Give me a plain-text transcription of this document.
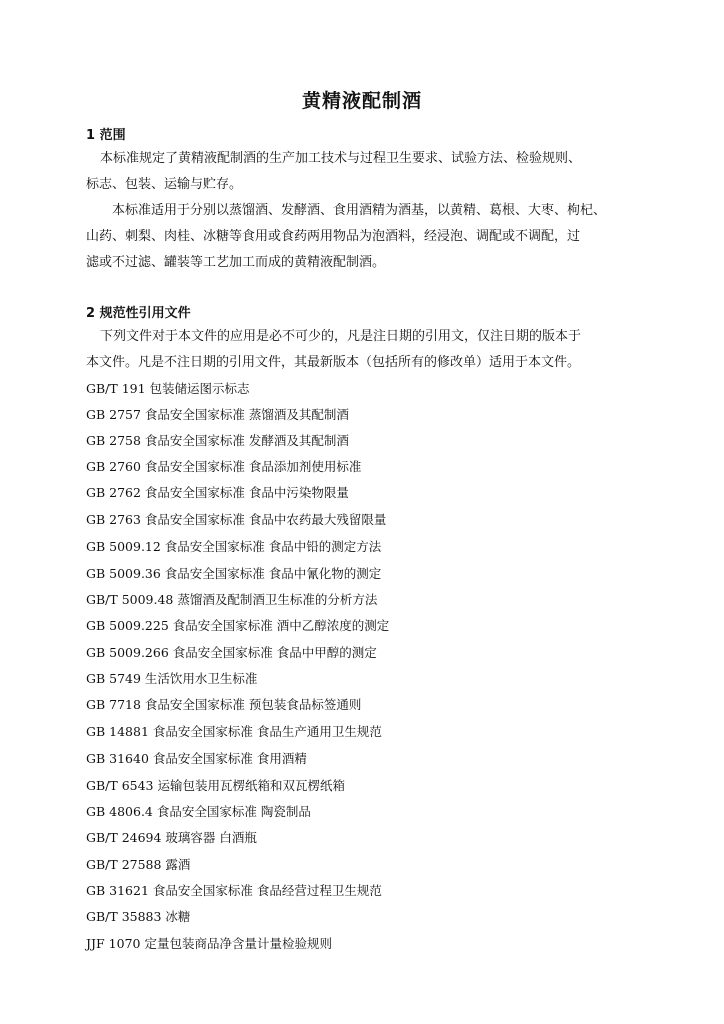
黄精液配制酒
1 范围
本标准规定了黄精液配制酒的生产加工技术与过程卫生要求、试验方法、检验规则、
标志、包装、运输与贮存。
本标准适用于分别以蒸馏酒、发酵酒、食用酒精为酒基，以黄精、葛根、大枣、枸杞、
山药、刺梨、肉桂、冰糖等食用或食药两用物品为泡酒料，经浸泡、调配或不调配，过
滤或不过滤、罐装等工艺加工而成的黄精液配制酒。
2 规范性引用文件
下列文件对于本文件的应用是必不可少的，凡是注日期的引用文，仅注日期的版本于
本文件。凡是不注日期的引用文件，其最新版本（包括所有的修改单）适用于本文件。
GB/T 191 包装储运图示标志
GB 2757 食品安全国家标准 蒸馏酒及其配制酒
GB 2758 食品安全国家标准 发酵酒及其配制酒
GB 2760 食品安全国家标准 食品添加剂使用标准
GB 2762 食品安全国家标准 食品中污染物限量
GB 2763 食品安全国家标准 食品中农药最大残留限量
GB 5009.12 食品安全国家标准 食品中铅的测定方法
GB 5009.36 食品安全国家标准 食品中氰化物的测定
GB/T 5009.48 蒸馏酒及配制酒卫生标准的分析方法
GB 5009.225 食品安全国家标准 酒中乙醇浓度的测定
GB 5009.266 食品安全国家标准 食品中甲醇的测定
GB 5749 生活饮用水卫生标准
GB 7718 食品安全国家标准 预包装食品标签通则
GB 14881 食品安全国家标准 食品生产通用卫生规范
GB 31640 食品安全国家标准 食用酒精
GB/T 6543 运输包装用瓦楞纸箱和双瓦楞纸箱
GB 4806.4 食品安全国家标准 陶瓷制品
GB/T 24694 玻璃容器 白酒瓶
GB/T 27588 露酒
GB 31621 食品安全国家标准 食品经营过程卫生规范
GB/T 35883 冰糖
JJF 1070 定量包装商品净含量计量检验规则
